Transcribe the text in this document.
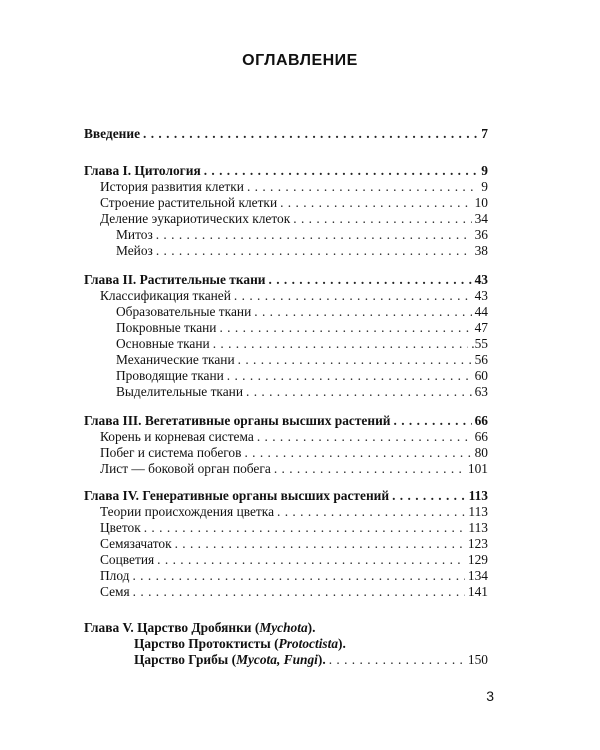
ОГЛАВЛЕНИЕ
Введение . . .	7
Глава I. Цитология . . .	9
История развития клетки . . .	9
Строение растительной клетки . . .	10
Деление эукариотических клеток . . .	34
Митоз . . .	36
Мейоз . . .	38
Глава II. Растительные ткани . . .	43
Классификация тканей . . .	43
Образовательные ткани . . .	44
Покровные ткани . . .	47
Основные ткани . . .	.55
Механические ткани . . .	56
Проводящие ткани . . .	60
Выделительные ткани . . .	63
Глава III. Вегетативные органы высших растений . . .	66
Корень и корневая система . . .	66
Побег и система побегов . . .	80
Лист — боковой орган побега . . .	101
Глава IV. Генеративные органы высших растений . . .	113
Теории происхождения цветка . . .	113
Цветок . . .	113
Семязачаток . . .	123
Соцветия . . .	129
Плод . . .	134
Семя . . .	141
Глава V. Царство Дробянки (Mychota).
Царство Протоктисты (Protoctista).
Царство Грибы (Mycota, Fungi). . . .	150
3
